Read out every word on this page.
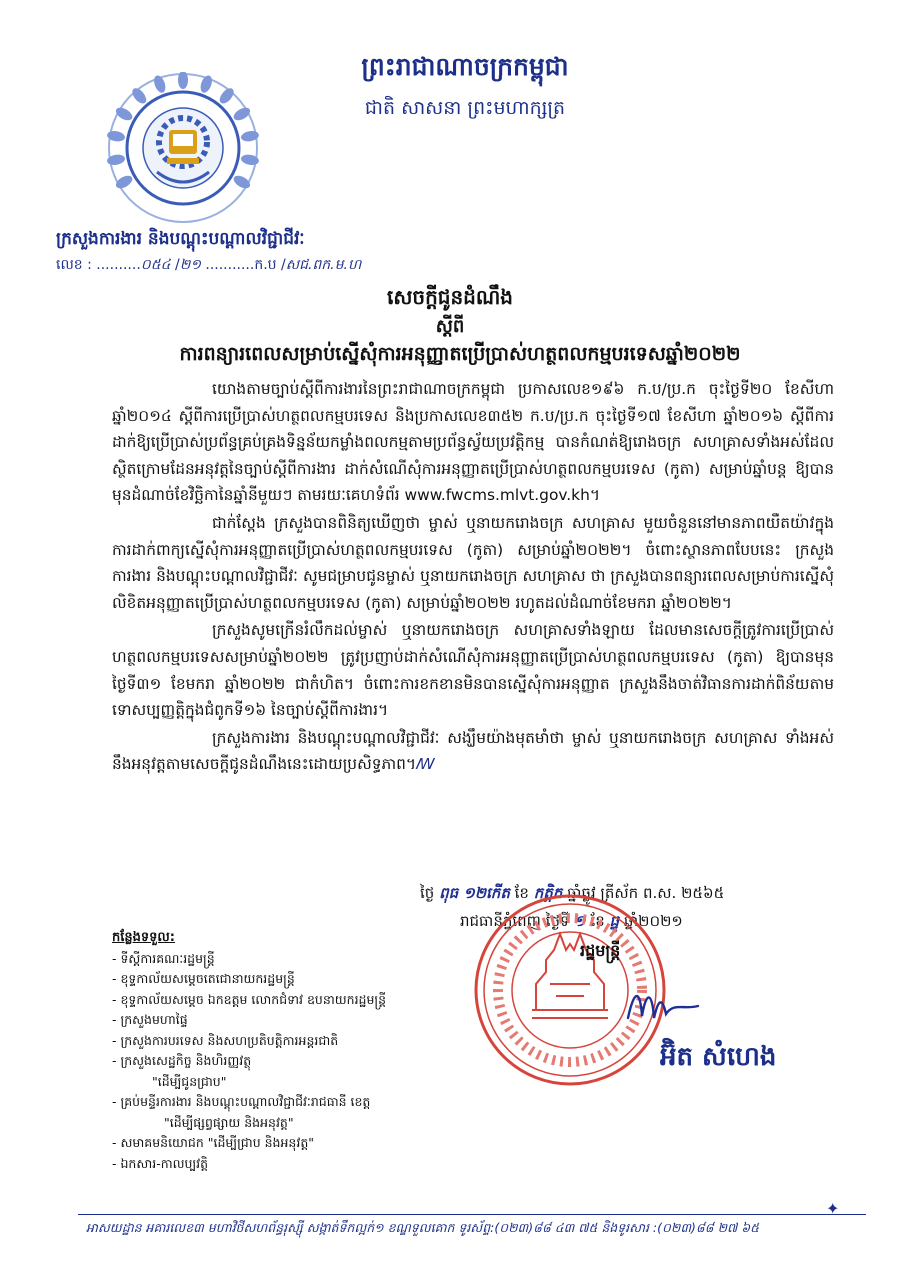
ព្រះរាជាណាចក្រកម្ពុជា
ជាតិ សាសនា ព្រះមហាក្សត្រ
ក្រសួងការងារ និងបណ្តុះបណ្តាលវិជ្ជាជីវៈ
លេខ : ..........០៥៤ /២១ ...........ក.ប /សជ.ពក.ម.ហ
សេចក្តីជូនដំណឹង
ស្តីពី
ការពន្យារពេលសម្រាប់ស្នើសុំការអនុញ្ញាតប្រើប្រាស់ហត្ថពលកម្មបរទេសឆ្នាំ២០២២

យោងតាមច្បាប់ស្តីពីការងារនៃព្រះរាជាណាចក្រកម្ពុជា ប្រកាសលេខ១៩៦ ក.ប/ប្រ.ក ចុះថ្ងៃទី២០ ខែសីហា ឆ្នាំ២០១៤ ស្តីពីការប្រើប្រាស់ហត្ថពលកម្មបរទេស និងប្រកាសលេខ៣៥២ ក.ប/ប្រ.ក ចុះថ្ងៃទី១៧ ខែសីហា ឆ្នាំ២០១៦ ស្តីពីការដាក់ឱ្យប្រើប្រាស់ប្រព័ន្ធគ្រប់គ្រងទិន្នន័យកម្លាំងពលកម្មតាមប្រព័ន្ធស្វ័យប្រវត្តិកម្ម បានកំណត់ឱ្យរោងចក្រ សហគ្រាសទាំងអស់ដែលស្ថិតក្រោមដែនអនុវត្តនៃច្បាប់ស្តីពីការងារ ដាក់សំណើសុំការអនុញ្ញាតប្រើប្រាស់ហត្ថពលកម្មបរទេស (កូតា) សម្រាប់ឆ្នាំបន្ត ឱ្យបានមុនដំណាច់ខែវិច្ឆិកានៃឆ្នាំនីមួយៗ តាមរយៈគេហទំព័រ www.fwcms.mlvt.gov.kh។

ជាក់ស្តែង ក្រសួងបានពិនិត្យឃើញថា ម្ចាស់ ឬនាយករោងចក្រ សហគ្រាស មួយចំនួននៅមានភាពយឺតយ៉ាវក្នុងការដាក់ពាក្យស្នើសុំការអនុញ្ញាតប្រើប្រាស់ហត្ថពលកម្មបរទេស (កូតា) សម្រាប់ឆ្នាំ២០២២។ ចំពោះស្ថានភាពបែបនេះ ក្រសួងការងារ និងបណ្តុះបណ្តាលវិជ្ជាជីវៈ សូមជម្រាបជូនម្ចាស់ ឬនាយករោងចក្រ សហគ្រាស ថា ក្រសួងបានពន្យារពេលសម្រាប់ការស្នើសុំលិខិតអនុញ្ញាតប្រើប្រាស់ហត្ថពលកម្មបរទេស (កូតា) សម្រាប់ឆ្នាំ២០២២ រហូតដល់ដំណាច់ខែមករា ឆ្នាំ២០២២។

ក្រសួងសូមក្រើនរំលឹកដល់ម្ចាស់ ឬនាយករោងចក្រ សហគ្រាសទាំងឡាយ ដែលមានសេចក្តីត្រូវការប្រើប្រាស់ហត្ថពលកម្មបរទេសសម្រាប់ឆ្នាំ២០២២ ត្រូវប្រញាប់ដាក់សំណើសុំការអនុញ្ញាតប្រើប្រាស់ហត្ថពលកម្មបរទេស (កូតា) ឱ្យបានមុនថ្ងៃទី៣១ ខែមករា ឆ្នាំ២០២២ ជាកំហិត។ ចំពោះការខកខានមិនបានស្នើសុំការអនុញ្ញាត ក្រសួងនឹងចាត់វិធានការដាក់ពិន័យតាមទោសប្បញ្ញត្តិក្នុងជំពូកទី១៦ នៃច្បាប់ស្តីពីការងារ។

ក្រសួងការងារ និងបណ្តុះបណ្តាលវិជ្ជាជីវៈ សង្ឃឹមយ៉ាងមុតមាំថា ម្ចាស់ ឬនាយករោងចក្រ សហគ្រាស ទាំងអស់នឹងអនុវត្តតាមសេចក្តីជូនដំណឹងនេះដោយប្រសិទ្ធភាព។ꟿ

ថ្ងៃ ពុធ ១២កើត ខែ កត្តិក ឆ្នាំឆ្លូវ ត្រីស័ក ព.ស. ២៥៦៥
រាជធានីភ្នំពេញ ថ្ងៃទី ១ ខែ ធ្នូ ឆ្នាំ២០២១
រដ្ឋមន្ត្រី
អ៊ិត សំហេង
កន្លែងទទួល:
- ទីស្តីការគណៈរដ្ឋមន្ត្រី
- ខុទ្ទកាល័យសម្តេចតេជោនាយករដ្ឋមន្ត្រី
- ខុទ្ទកាល័យសម្តេច ឯកឧត្តម លោកជំទាវ ឧបនាយករដ្ឋមន្ត្រី
- ក្រសួងមហាផ្ទៃ
- ក្រសួងការបរទេស និងសហប្រតិបត្តិការអន្តរជាតិ
- ក្រសួងសេដ្ឋកិច្ច និងហិរញ្ញវត្ថុ
"ដើម្បីជូនជ្រាប"
- គ្រប់មន្ទីរការងារ និងបណ្តុះបណ្តាលវិជ្ជាជីវៈរាជធានី ខេត្ត
"ដើម្បីផ្សព្វផ្សាយ និងអនុវត្ត"
- សមាគមនិយោជក "ដើម្បីជ្រាប និងអនុវត្ត"
- ឯកសារ-កាលប្បវត្តិ
✦
អាសយដ្ឋាន អគារលេខ៣ មហាវិថីសហព័ន្ធរុស្ស៊ី សង្កាត់ទឹកល្អក់១ ខណ្ឌទួលគោក ទូរស័ព្ទ:(០២៣)៨៨ ៤៣ ៧៥ និងទូរសារ :(០២៣)៨៨ ២៧ ៦៥
